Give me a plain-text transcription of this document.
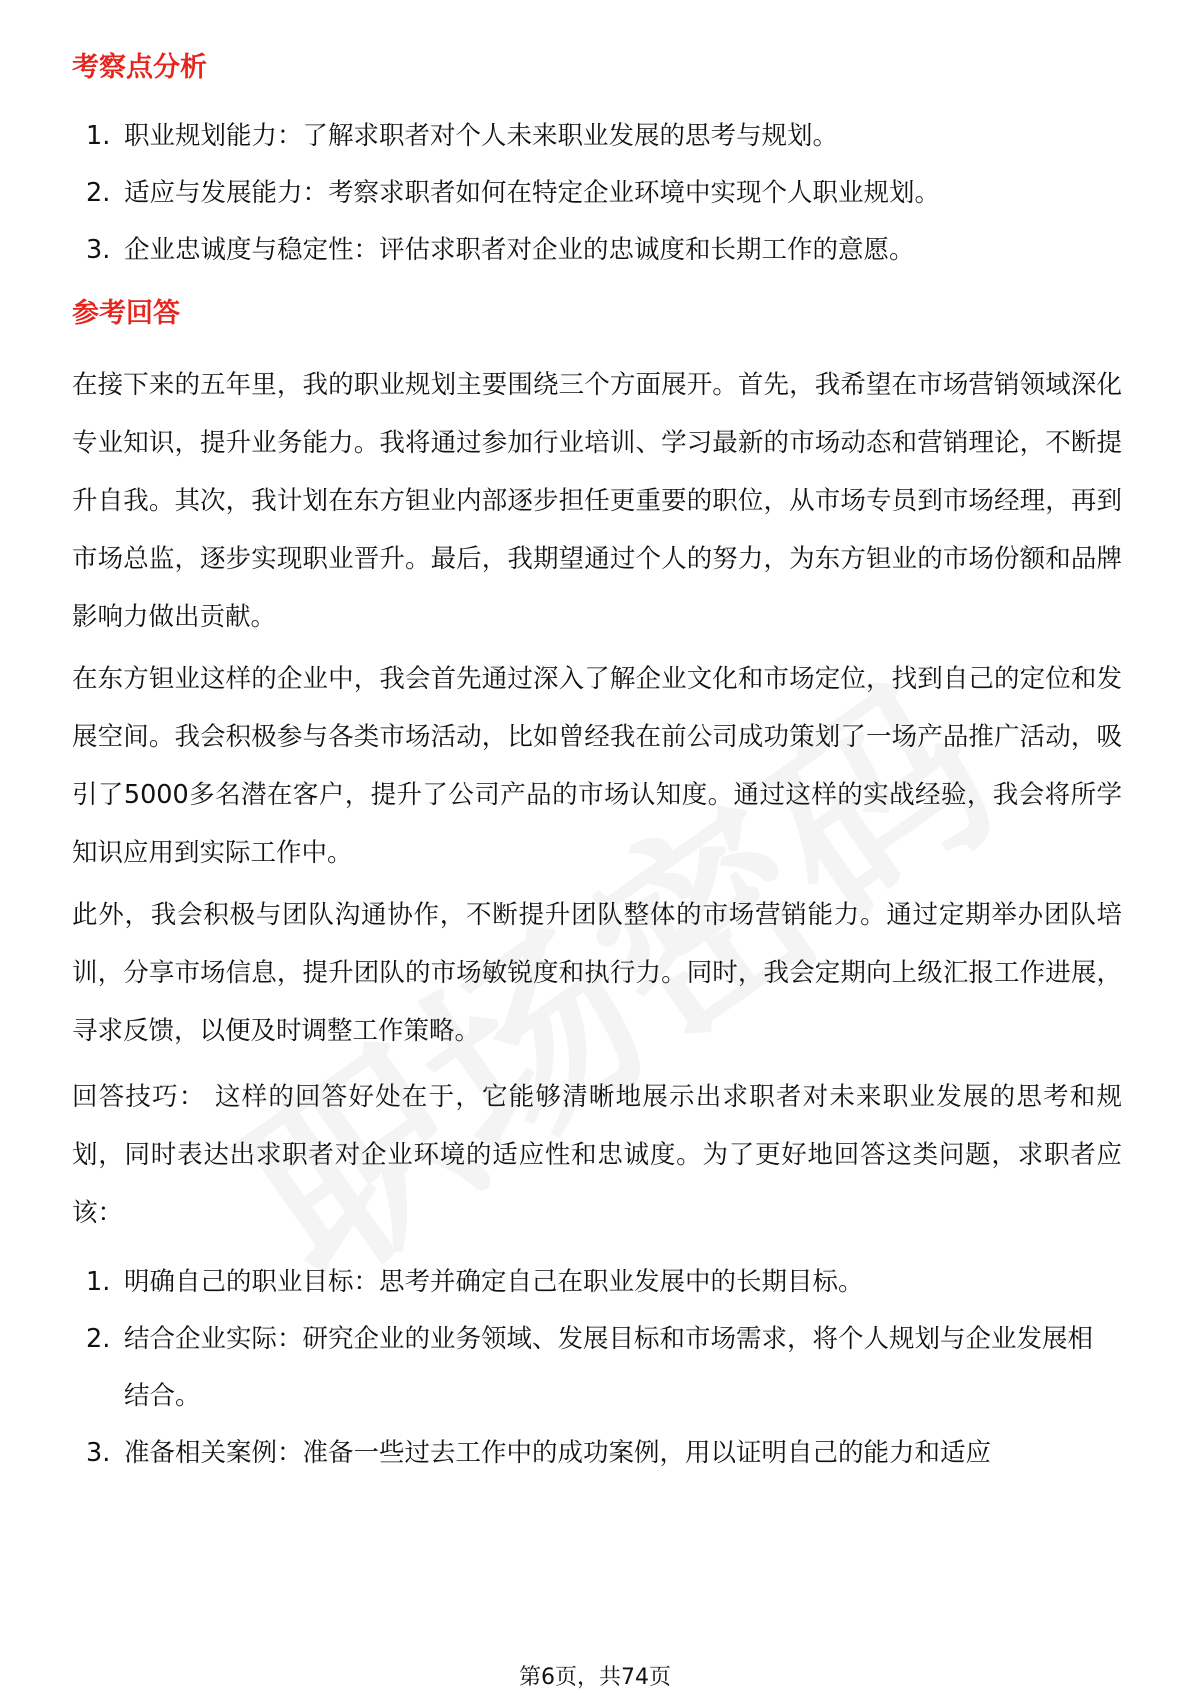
考察点分析
1. 职业规划能力：了解求职者对个人未来职业发展的思考与规划。
2. 适应与发展能力：考察求职者如何在特定企业环境中实现个人职业规划。
3. 企业忠诚度与稳定性：评估求职者对企业的忠诚度和长期工作的意愿。
参考回答

在接下来的五年里，我的职业规划主要围绕三个方面展开。首先，我希望在市场营销领域深化专业知识，提升业务能力。我将通过参加行业培训、学习最新的市场动态和营销理论，不断提升自我。其次，我计划在东方钽业内部逐步担任更重要的职位，从市场专员到市场经理，再到市场总监，逐步实现职业晋升。最后，我期望通过个人的努力，为东方钽业的市场份额和品牌影响力做出贡献。

在东方钽业这样的企业中，我会首先通过深入了解企业文化和市场定位，找到自己的定位和发展空间。我会积极参与各类市场活动，比如曾经我在前公司成功策划了一场产品推广活动，吸引了5000多名潜在客户，提升了公司产品的市场认知度。通过这样的实战经验，我会将所学知识应用到实际工作中。

此外，我会积极与团队沟通协作，不断提升团队整体的市场营销能力。通过定期举办团队培训，分享市场信息，提升团队的市场敏锐度和执行力。同时，我会定期向上级汇报工作进展，寻求反馈，以便及时调整工作策略。

回答技巧： 这样的回答好处在于，它能够清晰地展示出求职者对未来职业发展的思考和规划，同时表达出求职者对企业环境的适应性和忠诚度。为了更好地回答这类问题，求职者应该：

1. 明确自己的职业目标：思考并确定自己在职业发展中的长期目标。
2. 结合企业实际：研究企业的业务领域、发展目标和市场需求，将个人规划与企业发展相结合。
3. 准备相关案例：准备一些过去工作中的成功案例，用以证明自己的能力和适应
第6页，共74页
